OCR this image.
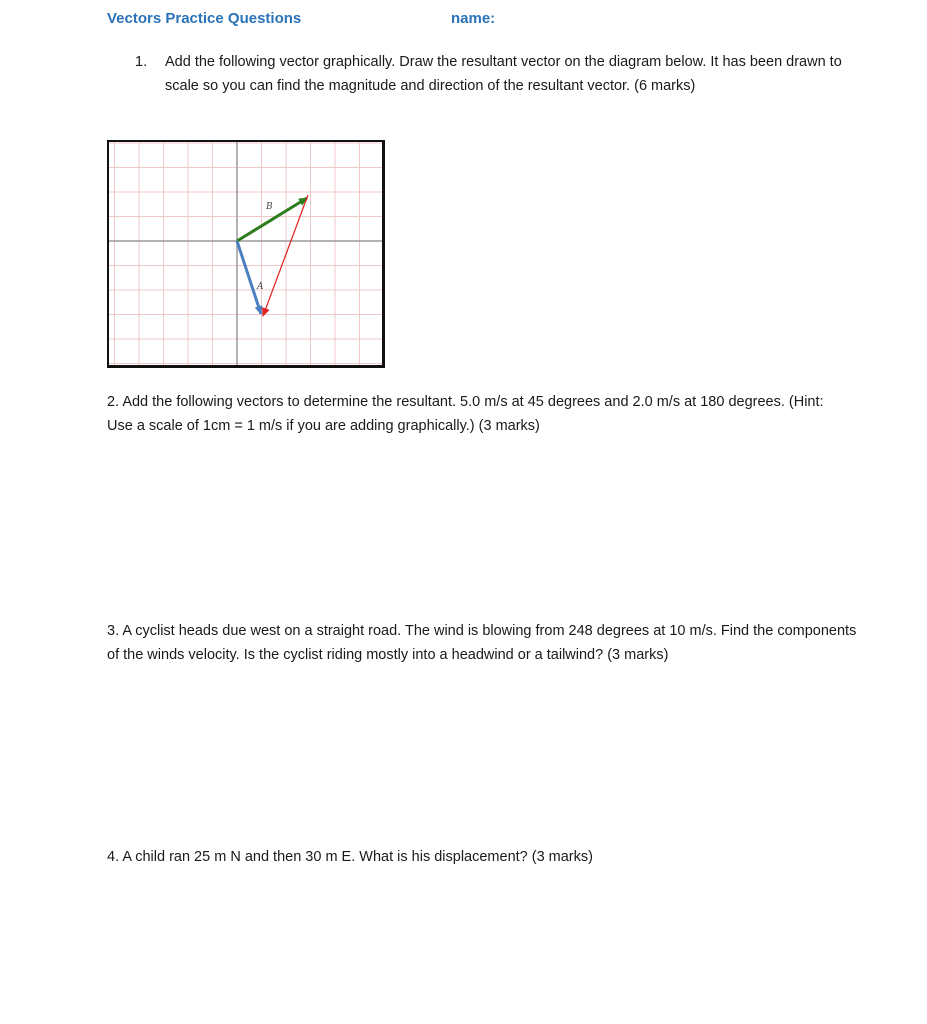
Vectors Practice Questions	name:
1. Add the following vector graphically. Draw the resultant vector on the diagram below. It has been drawn to scale so you can find the magnitude and direction of the resultant vector. (6 marks)
B
A
2. Add the following vectors to determine the resultant. 5.0 m/s at 45 degrees and 2.0 m/s at 180 degrees. (Hint: Use a scale of 1cm = 1 m/s if you are adding graphically.) (3 marks)
3. A cyclist heads due west on a straight road. The wind is blowing from 248 degrees at 10 m/s. Find the components of the winds velocity. Is the cyclist riding mostly into a headwind or a tailwind? (3 marks)
4. A child ran 25 m N and then 30 m E. What is his displacement? (3 marks)
